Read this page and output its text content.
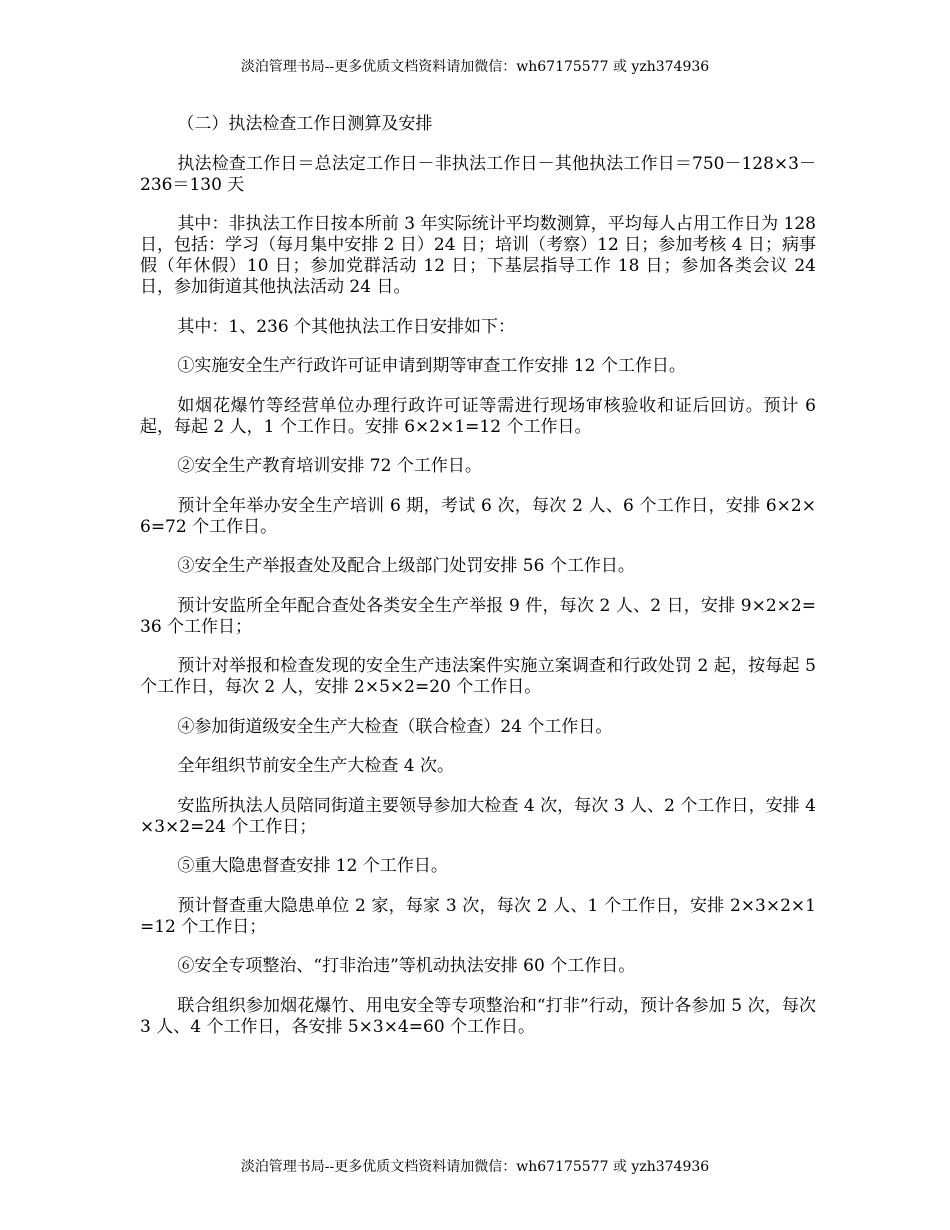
淡泊管理书局--更多优质文档资料请加微信：wh67175577 或 yzh374936

（二）执法检查工作日测算及安排

执法检查工作日＝总法定工作日－非执法工作日－其他执法工作日＝750－128×3－236＝130 天

其中：非执法工作日按本所前 3 年实际统计平均数测算，平均每人占用工作日为 128 日，包括：学习（每月集中安排 2 日）24 日；培训（考察）12 日；参加考核 4 日；病事假（年休假）10 日；参加党群活动 12 日；下基层指导工作 18 日；参加各类会议 24 日，参加街道其他执法活动 24 日。

其中：1、236 个其他执法工作日安排如下：

①实施安全生产行政许可证申请到期等审查工作安排 12 个工作日。

如烟花爆竹等经营单位办理行政许可证等需进行现场审核验收和证后回访。预计 6 起，每起 2 人，1 个工作日。安排 6×2×1=12 个工作日。

②安全生产教育培训安排 72 个工作日。

预计全年举办安全生产培训 6 期，考试 6 次，每次 2 人、6 个工作日，安排 6×2×6=72 个工作日。

③安全生产举报查处及配合上级部门处罚安排 56 个工作日。

预计安监所全年配合查处各类安全生产举报 9 件，每次 2 人、2 日，安排 9×2×2=36 个工作日；

预计对举报和检查发现的安全生产违法案件实施立案调查和行政处罚 2 起，按每起 5 个工作日，每次 2 人，安排 2×5×2=20 个工作日。

④参加街道级安全生产大检查（联合检查）24 个工作日。

全年组织节前安全生产大检查 4 次。

安监所执法人员陪同街道主要领导参加大检查 4 次，每次 3 人、2 个工作日，安排 4×3×2=24 个工作日；

⑤重大隐患督查安排 12 个工作日。

预计督查重大隐患单位 2 家，每家 3 次，每次 2 人、1 个工作日，安排 2×3×2×1=12 个工作日；

⑥安全专项整治、“打非治违”等机动执法安排 60 个工作日。

联合组织参加烟花爆竹、用电安全等专项整治和“打非”行动，预计各参加 5 次，每次 3 人、4 个工作日，各安排 5×3×4=60 个工作日。

淡泊管理书局--更多优质文档资料请加微信：wh67175577 或 yzh374936
